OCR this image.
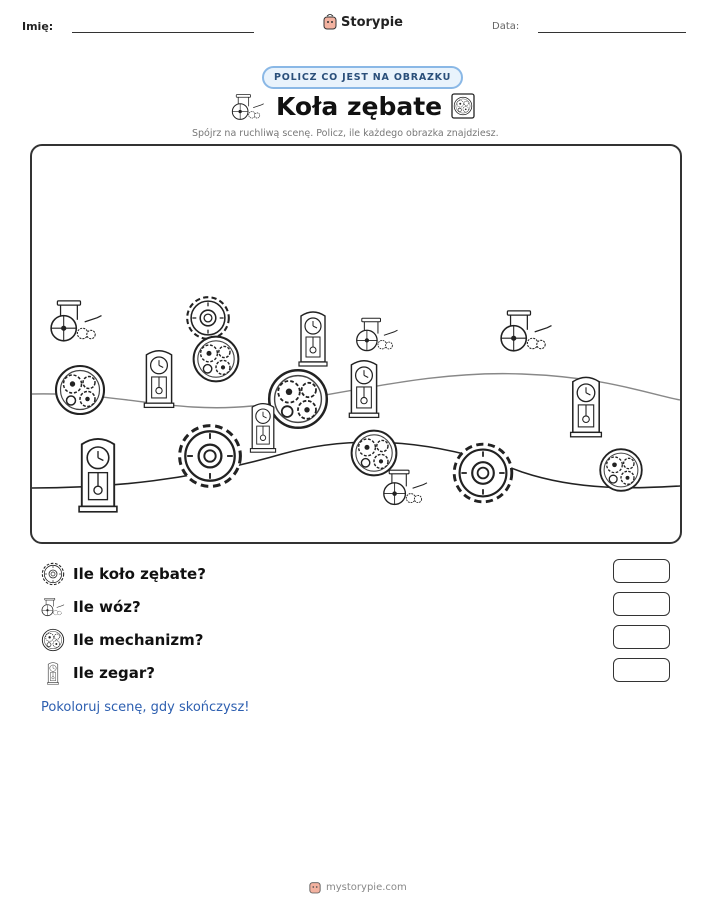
Imię:	Storypie	Data:
POLICZ CO JEST NA OBRAZKU
Koła zębate
Spójrz na ruchliwą scenę. Policz, ile każdego obrazka znajdziesz.
Ile koło zębate?
Ile wóz?
Ile mechanizm?
Ile zegar?
Pokoloruj scenę, gdy skończysz!
mystorypie.com
